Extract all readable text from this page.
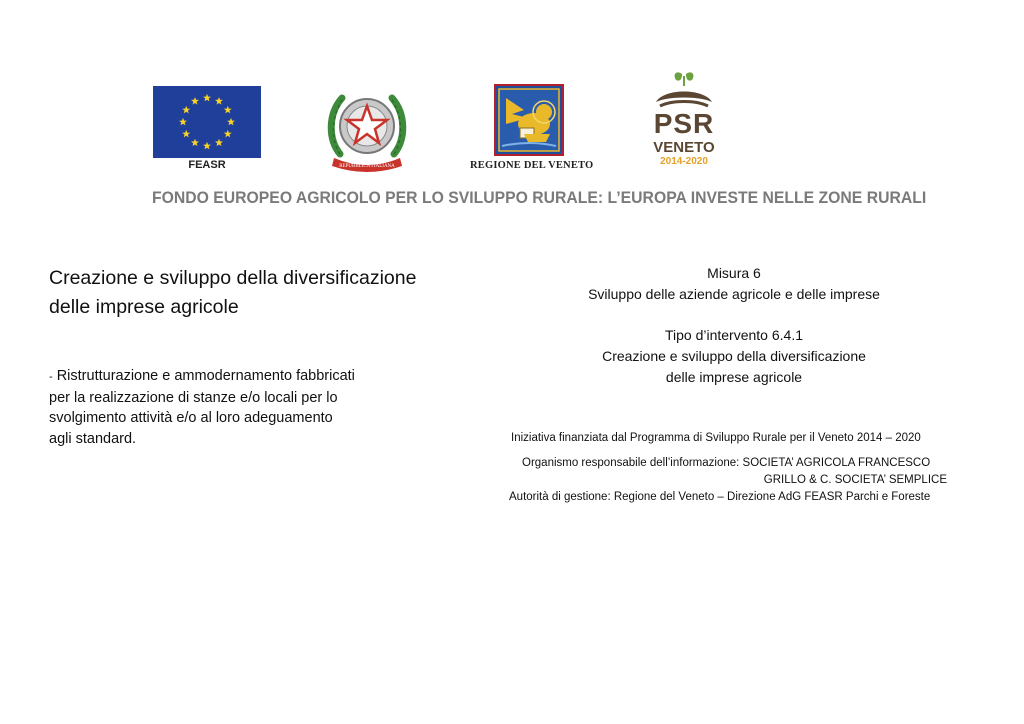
FEASR	REPUBBLICA ITALIANA	REGIONE DEL VENETO
PSR
VENETO
2014-2020
FONDO EUROPEO AGRICOLO PER LO SVILUPPO RURALE: L’EUROPA INVESTE NELLE ZONE RURALI
Creazione e sviluppo della diversificazione
delle imprese agricole
- Ristrutturazione e ammodernamento fabbricati
per la realizzazione di stanze e/o locali per lo
svolgimento attività e/o al loro adeguamento
agli standard.
Misura 6
Sviluppo delle aziende agricole e delle imprese
Tipo d’intervento 6.4.1
Creazione e sviluppo della diversificazione
delle imprese agricole
Iniziativa finanziata dal Programma di Sviluppo Rurale per il Veneto 2014 – 2020
Organismo responsabile dell’informazione: SOCIETA’ AGRICOLA FRANCESCO
GRILLO & C. SOCIETA’ SEMPLICE
Autorità di gestione: Regione del Veneto – Direzione AdG FEASR Parchi e Foreste
